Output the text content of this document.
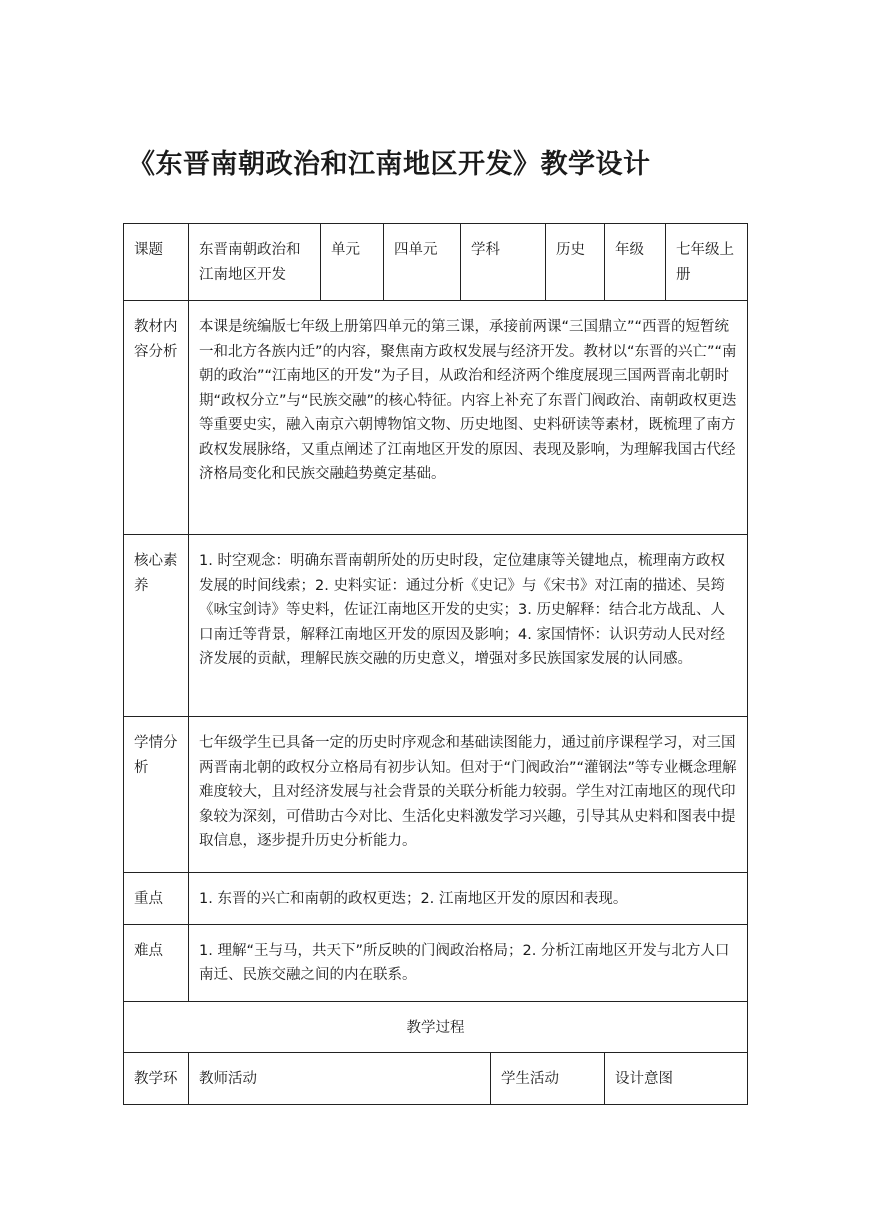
《东晋南朝政治和江南地区开发》教学设计
课题	东晋南朝政治和江南地区开发	单元	四单元	学科		历史	年级	七年级上册
教材内容分析	本课是统编版七年级上册第四单元的第三课，承接前两课“三国鼎立”“西晋的短暂统一和北方各族内迁”的内容，聚焦南方政权发展与经济开发。教材以“东晋的兴亡”“南朝的政治”“江南地区的开发”为子目，从政治和经济两个维度展现三国两晋南北朝时期“政权分立”与“民族交融”的核心特征。内容上补充了东晋门阀政治、南朝政权更迭等重要史实，融入南京六朝博物馆文物、历史地图、史料研读等素材，既梳理了南方政权发展脉络，又重点阐述了江南地区开发的原因、表现及影响，为理解我国古代经济格局变化和民族交融趋势奠定基础。							
核心素养	1. 时空观念：明确东晋南朝所处的历史时段，定位建康等关键地点，梳理南方政权发展的时间线索；2. 史料实证：通过分析《史记》与《宋书》对江南的描述、吴筠《咏宝剑诗》等史料，佐证江南地区开发的史实；3. 历史解释：结合北方战乱、人口南迁等背景，解释江南地区开发的原因及影响；4. 家国情怀：认识劳动人民对经济发展的贡献，理解民族交融的历史意义，增强对多民族国家发展的认同感。							
学情分析	七年级学生已具备一定的历史时序观念和基础读图能力，通过前序课程学习，对三国两晋南北朝的政权分立格局有初步认知。但对于“门阀政治”“灌钢法”等专业概念理解难度较大，且对经济发展与社会背景的关联分析能力较弱。学生对江南地区的现代印象较为深刻，可借助古今对比、生活化史料激发学习兴趣，引导其从史料和图表中提取信息，逐步提升历史分析能力。							
重点	1. 东晋的兴亡和南朝的政权更迭；2. 江南地区开发的原因和表现。							
难点	1. 理解“王与马，共天下”所反映的门阀政治格局；2. 分析江南地区开发与北方人口南迁、民族交融之间的内在联系。							
教学过程								
教学环	教师活动				学生活动		设计意图	
